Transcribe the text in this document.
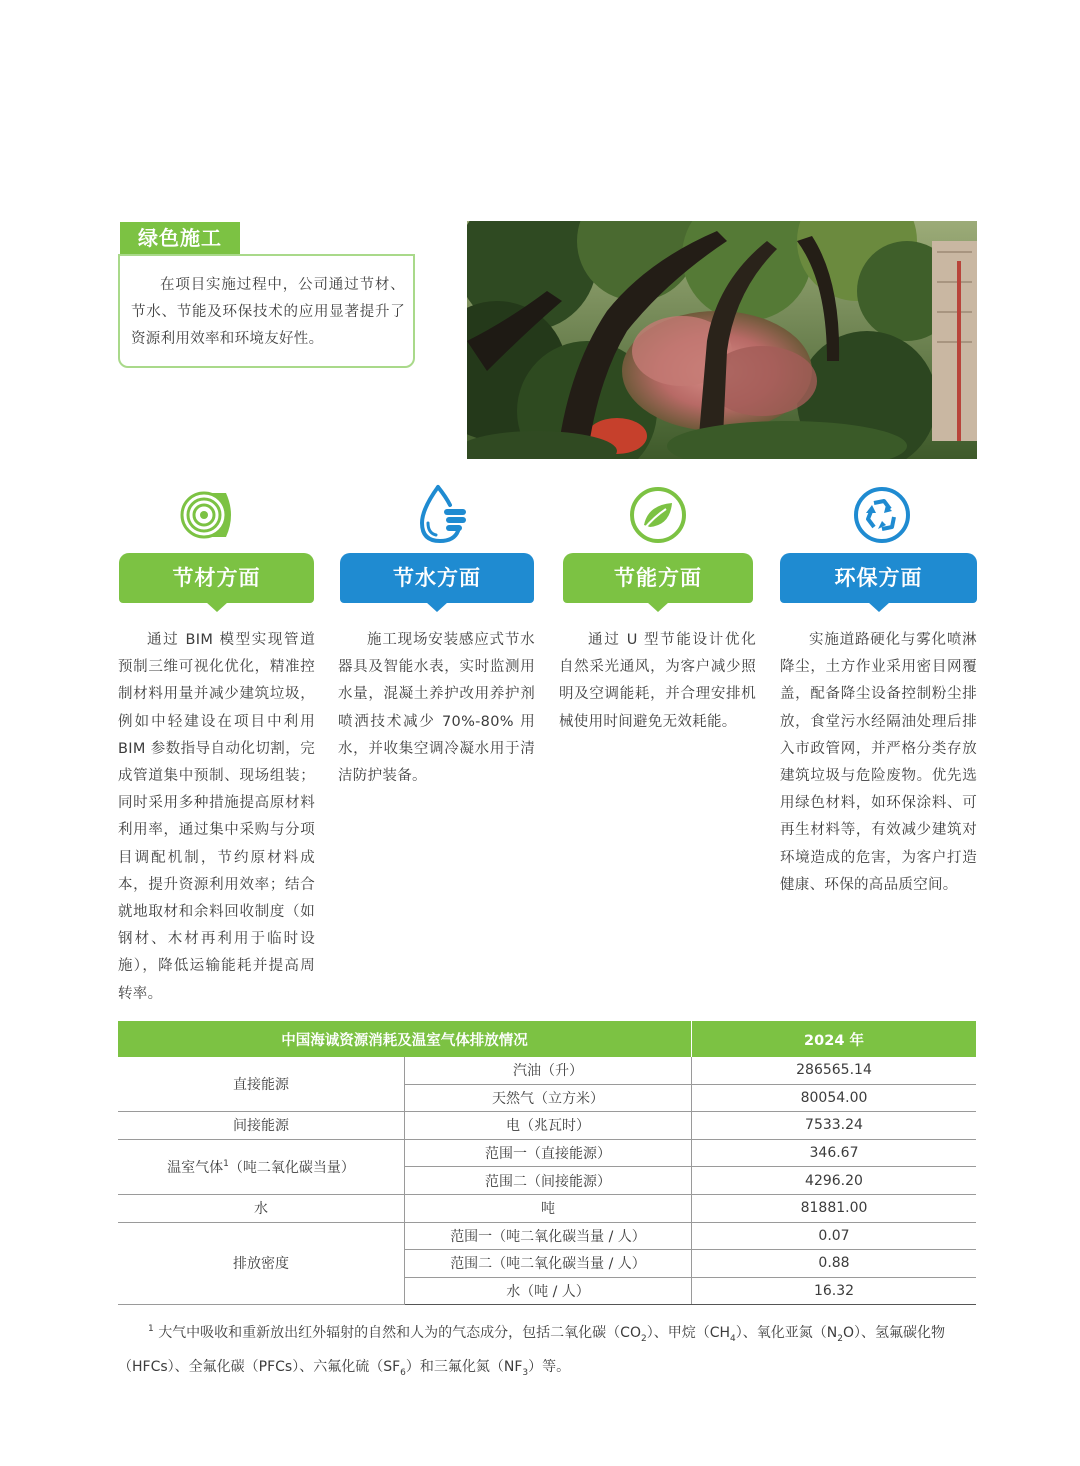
绿色施工
在项目实施过程中，公司通过节材、节水、节能及环保技术的应用显著提升了资源利用效率和环境友好性。
节材方面	节水方面	节能方面	环保方面
通过 BIM 模型实现管道预制三维可视化优化，精准控制材料用量并减少建筑垃圾，例如中轻建设在项目中利用 BIM 参数指导自动化切割，完成管道集中预制、现场组装；同时采用多种措施提高原材料利用率，通过集中采购与分项目调配机制，节约原材料成本，提升资源利用效率；结合就地取材和余料回收制度（如钢材、木材再利用于临时设施），降低运输能耗并提高周转率。
施工现场安装感应式节水器具及智能水表，实时监测用水量，混凝土养护改用养护剂喷洒技术减少 70%-80% 用水，并收集空调冷凝水用于清洁防护装备。
通过 U 型节能设计优化自然采光通风，为客户减少照明及空调能耗，并合理安排机械使用时间避免无效耗能。
实施道路硬化与雾化喷淋降尘，土方作业采用密目网覆盖，配备降尘设备控制粉尘排放，食堂污水经隔油处理后排入市政管网，并严格分类存放建筑垃圾与危险废物。优先选用绿色材料，如环保涂料、可再生材料等，有效减少建筑对环境造成的危害，为客户打造健康、环保的高品质空间。
中国海诚资源消耗及温室气体排放情况		2024 年
直接能源	汽油（升）	286565.14
	天然气（立方米）	80054.00
间接能源	电（兆瓦时）	7533.24
温室气体$^1$（吨二氧化碳当量）	范围一（直接能源）	346.67
	范围二（间接能源）	4296.20
水	吨	81881.00
排放密度	范围一（吨二氧化碳当量 / 人）	0.07
	范围二（吨二氧化碳当量 / 人）	0.88
	水（吨 / 人）	16.32
$^1$ 大气中吸收和重新放出红外辐射的自然和人为的气态成分，包括二氧化碳$(CO_2)$、甲烷$(CH_4)$、氧化亚氮$(N_2O)$、氢氟碳化物（HFCs）、全氟化碳（PFCs）、六氟化硫$(SF_6)$和三氟化氮$(NF_3)$等。
